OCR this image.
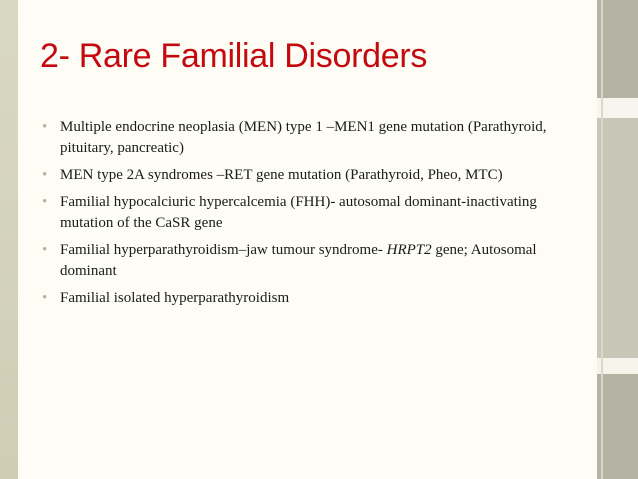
2- Rare Familial Disorders
• Multiple endocrine neoplasia (MEN) type 1 –MEN1 gene mutation (Parathyroid, pituitary, pancreatic)
• MEN type 2A syndromes –RET gene mutation (Parathyroid, Pheo, MTC)
• Familial hypocalciuric hypercalcemia (FHH)- autosomal dominant-inactivating mutation of the CaSR gene
• Familial hyperparathyroidism–jaw tumour syndrome- HRPT2 gene; Autosomal dominant
• Familial isolated hyperparathyroidism
